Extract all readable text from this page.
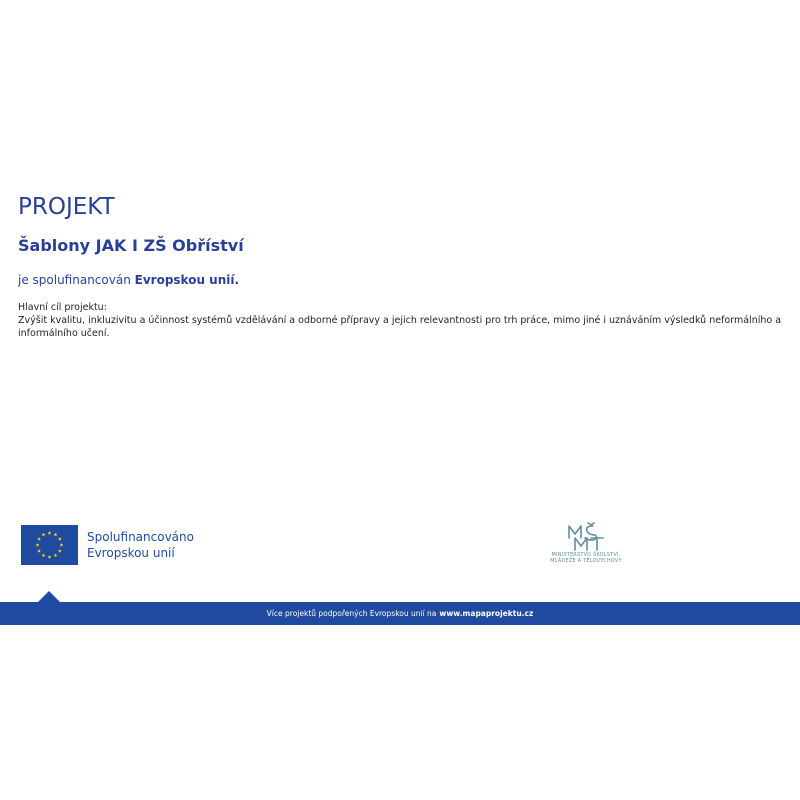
PROJEKT
Šablony JAK I ZŠ Obříství

je spolufinancován Evropskou unií.

Hlavní cíl projektu:

Zvýšit kvalitu, inkluzivitu a účinnost systémů vzdělávání a odborné přípravy a jejich relevantnosti pro trh práce, mimo jiné i uznáváním výsledků neformálního a informálního učení.

Spolufinancováno
Evropskou unií	MINISTERSTVO ŠKOLSTVÍ,
MLÁDEŽE A TĚLOVÝCHOVY
Více projektů podpořených Evropskou unií na www.mapaprojektu.cz
